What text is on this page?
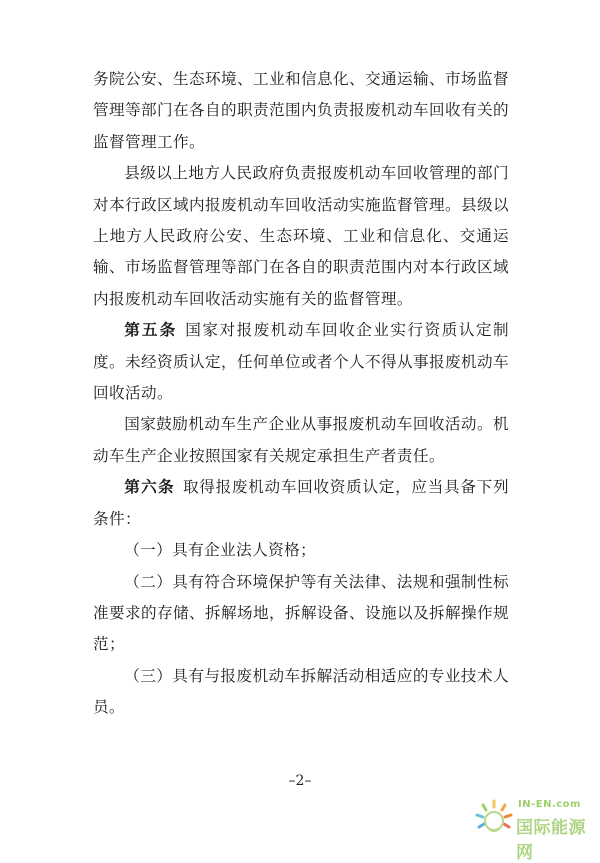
务院公安、生态环境、工业和信息化、交通运输、市场监督管理等部门在各自的职责范围内负责报废机动车回收有关的监督管理工作。

县级以上地方人民政府负责报废机动车回收管理的部门对本行政区域内报废机动车回收活动实施监督管理。县级以上地方人民政府公安、生态环境、工业和信息化、交通运输、市场监督管理等部门在各自的职责范围内对本行政区域内报废机动车回收活动实施有关的监督管理。

第五条 国家对报废机动车回收企业实行资质认定制度。未经资质认定，任何单位或者个人不得从事报废机动车回收活动。

国家鼓励机动车生产企业从事报废机动车回收活动。机动车生产企业按照国家有关规定承担生产者责任。

第六条 取得报废机动车回收资质认定，应当具备下列条件：

（一）具有企业法人资格；

（二）具有符合环境保护等有关法律、法规和强制性标准要求的存储、拆解场地，拆解设备、设施以及拆解操作规范；

（三）具有与报废机动车拆解活动相适应的专业技术人员。

–2–
IN-EN.com
国际能源网
